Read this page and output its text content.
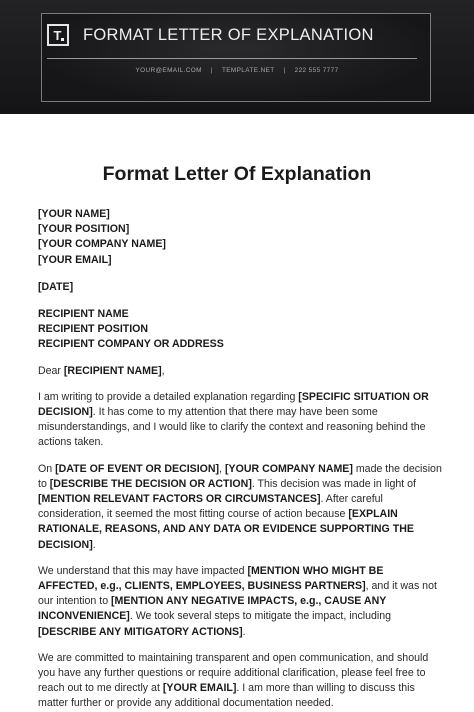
T FORMAT LETTER OF EXPLANATION
YOUR@EMAIL.COM | TEMPLATE.NET | 222 555 7777
Format Letter Of Explanation
[YOUR NAME]
[YOUR POSITION]
[YOUR COMPANY NAME]
[YOUR EMAIL]
[DATE]
RECIPIENT NAME
RECIPIENT POSITION
RECIPIENT COMPANY OR ADDRESS
Dear [RECIPIENT NAME],

I am writing to provide a detailed explanation regarding [SPECIFIC SITUATION OR DECISION]. It has come to my attention that there may have been some misunderstandings, and I would like to clarify the context and reasoning behind the actions taken.

On [DATE OF EVENT OR DECISION], [YOUR COMPANY NAME] made the decision to [DESCRIBE THE DECISION OR ACTION]. This decision was made in light of [MENTION RELEVANT FACTORS OR CIRCUMSTANCES]. After careful consideration, it seemed the most fitting course of action because [EXPLAIN RATIONALE, REASONS, AND ANY DATA OR EVIDENCE SUPPORTING THE DECISION].

We understand that this may have impacted [MENTION WHO MIGHT BE AFFECTED, e.g., CLIENTS, EMPLOYEES, BUSINESS PARTNERS], and it was not our intention to [MENTION ANY NEGATIVE IMPACTS, e.g., CAUSE ANY INCONVENIENCE]. We took several steps to mitigate the impact, including [DESCRIBE ANY MITIGATORY ACTIONS].

We are committed to maintaining transparent and open communication, and should you have any further questions or require additional clarification, please feel free to reach out to me directly at [YOUR EMAIL]. I am more than willing to discuss this matter further or provide any additional documentation needed.
